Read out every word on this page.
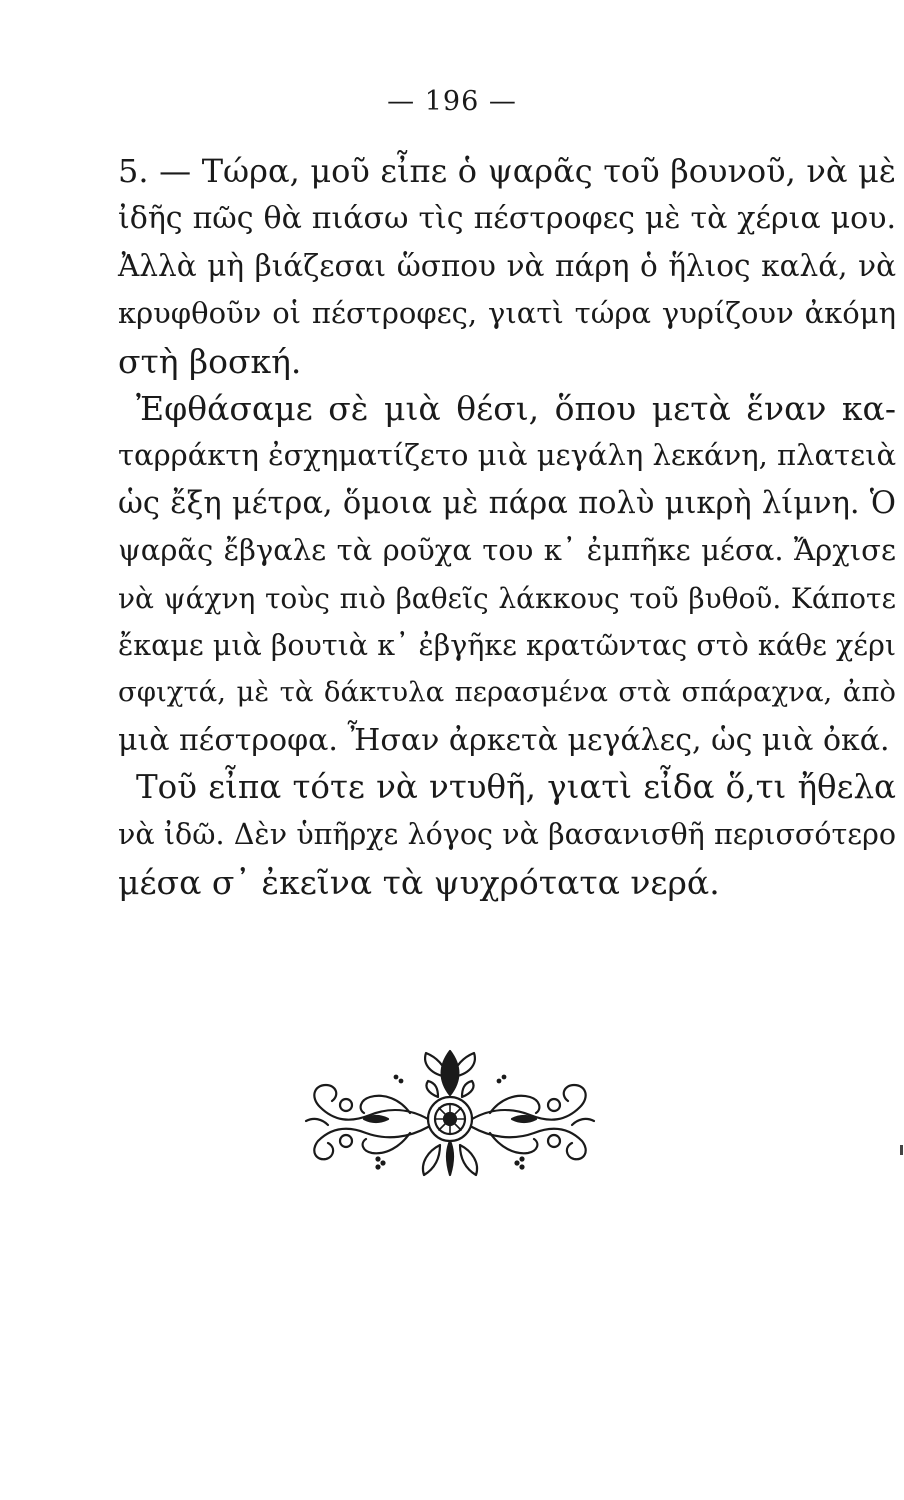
— 196 —
5. — Τώρα, μοῦ εἶπε ὁ ψαρᾶς τοῦ βουνοῦ, νὰ μὲ
ἰδῆς πῶς θὰ πιάσω τὶς πέστροφες μὲ τὰ χέρια μου.
Ἀλλὰ μὴ βιάζεσαι ὥσπου νὰ πάρη ὁ ἥλιος καλά, νὰ
κρυφθοῦν οἱ πέστροφες, γιατὶ τώρα γυρίζουν ἀκόμη
στὴ βοσκή.
Ἐφθάσαμε σὲ μιὰ θέσι, ὅπου μετὰ ἕναν κα-
ταρράκτη ἐσχηματίζετο μιὰ μεγάλη λεκάνη, πλατειὰ
ὡς ἔξη μέτρα, ὅμοια μὲ πάρα πολὺ μικρὴ λίμνη. Ὁ
ψαρᾶς ἔβγαλε τὰ ροῦχα του κ᾿ ἐμπῆκε μέσα. Ἄρχισε
νὰ ψάχνη τοὺς πιὸ βαθεῖς λάκκους τοῦ βυθοῦ. Κάποτε
ἔκαμε μιὰ βουτιὰ κ᾿ ἐβγῆκε κρατῶντας στὸ κάθε χέρι
σφιχτά, μὲ τὰ δάκτυλα περασμένα στὰ σπάραχνα, ἀπὸ
μιὰ πέστροφα. Ἦσαν ἀρκετὰ μεγάλες, ὡς μιὰ ὀκά.
Τοῦ εἶπα τότε νὰ ντυθῆ, γιατὶ εἶδα ὅ,τι ἤθελα
νὰ ἰδῶ. Δὲν ὑπῆρχε λόγος νὰ βασανισθῆ περισσότερο
μέσα σ᾿ ἐκεῖνα τὰ ψυχρότατα νερά.
